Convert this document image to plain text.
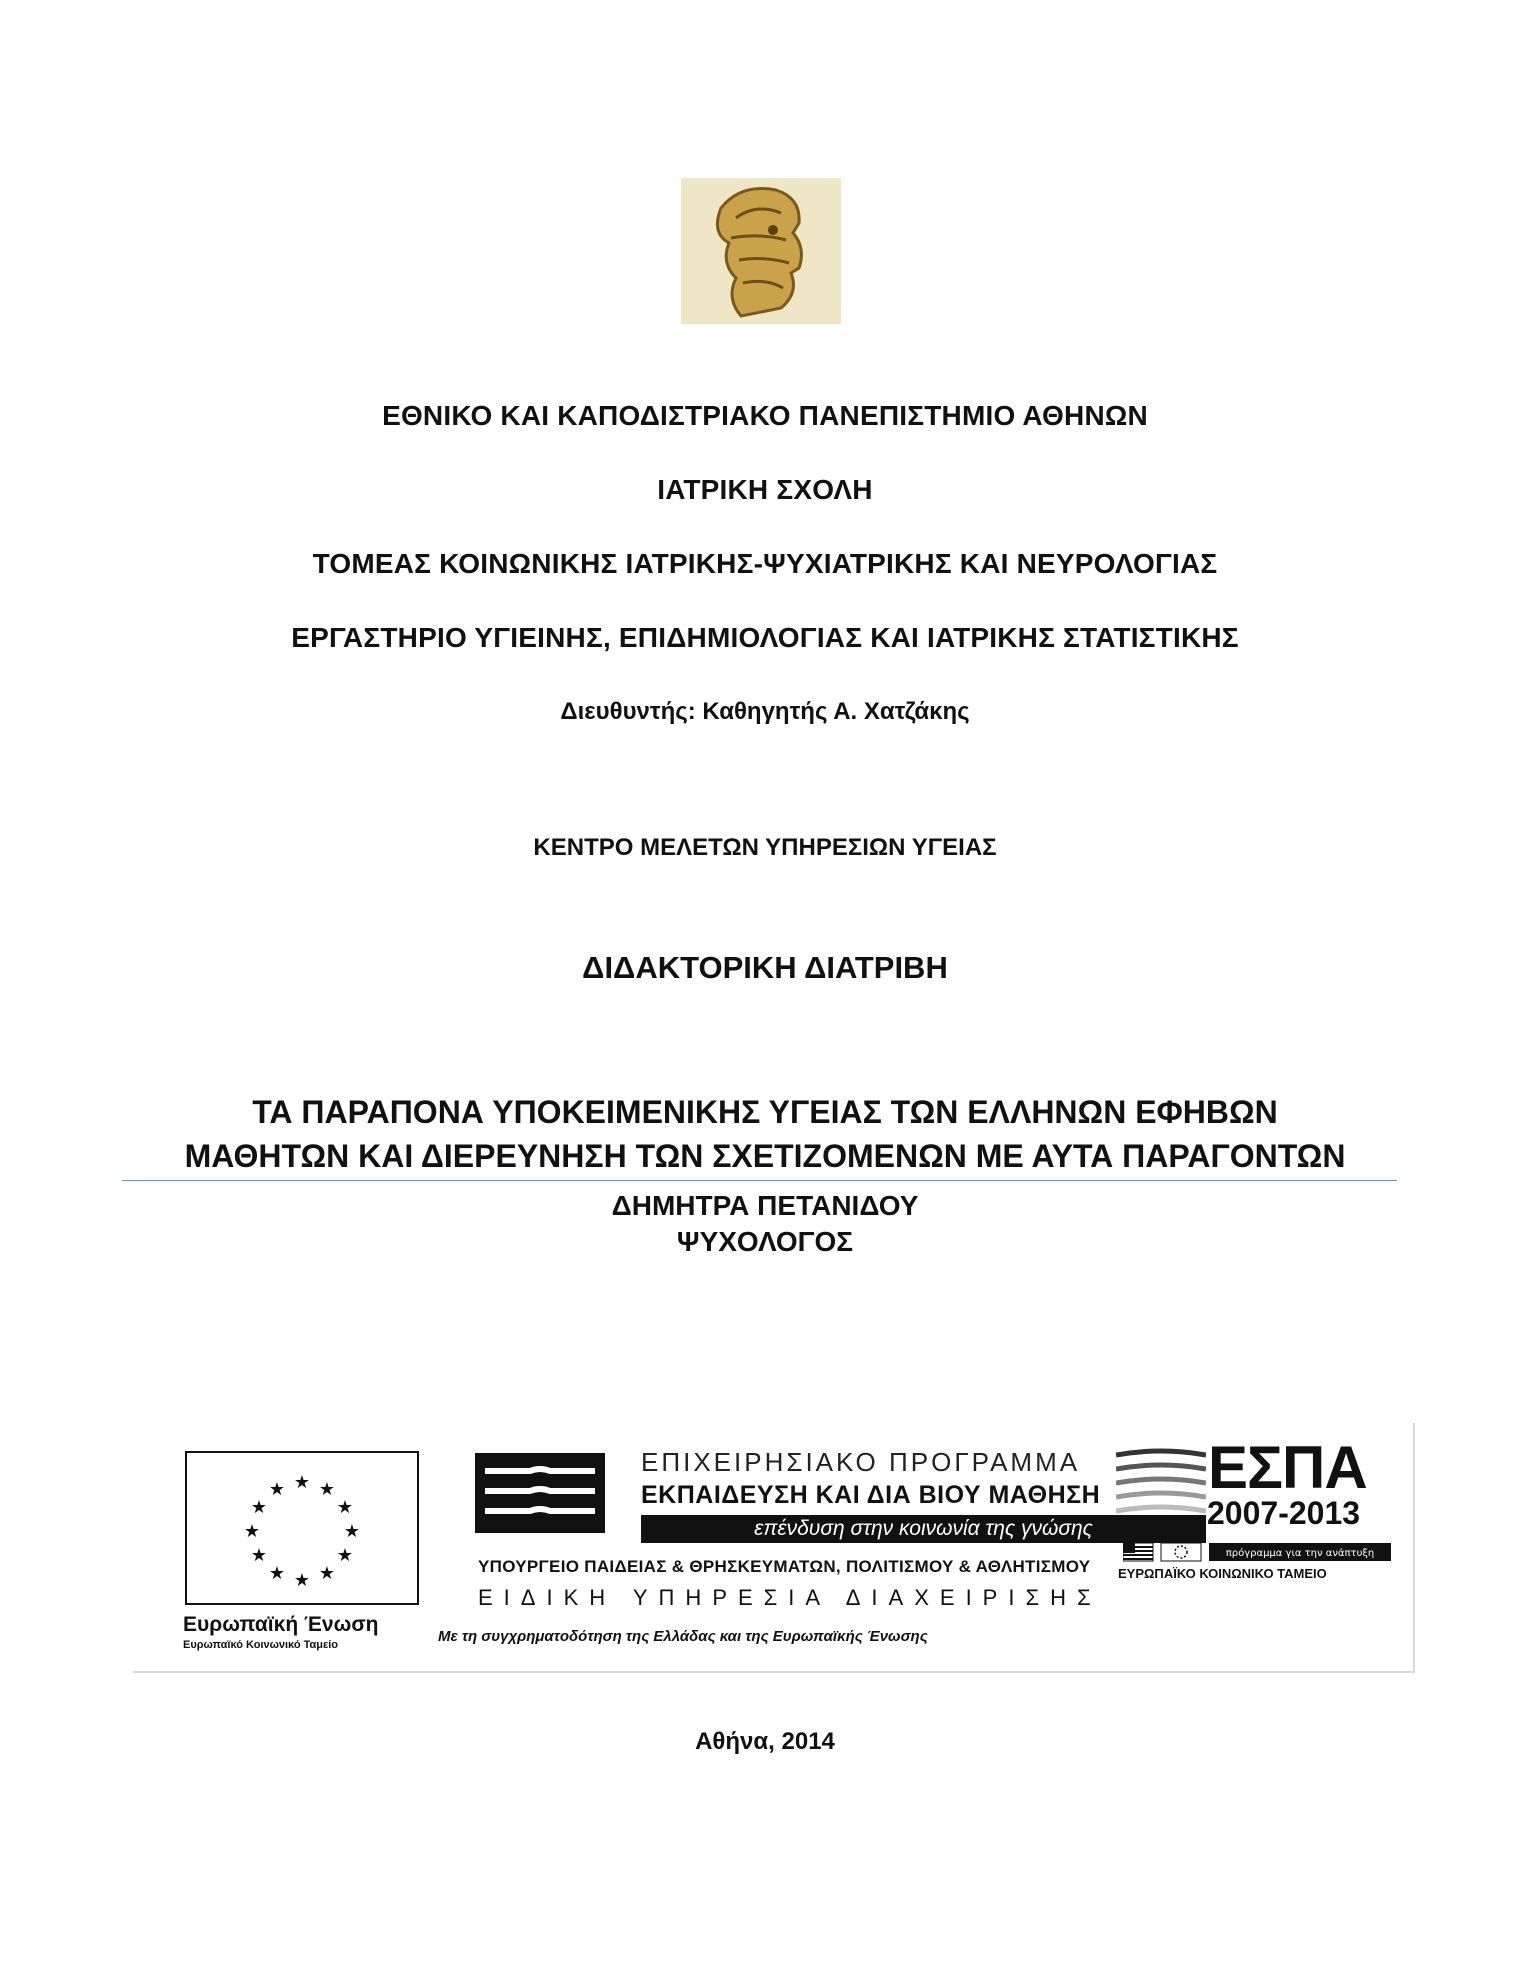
ΕΘΝΙΚΟ ΚΑΙ ΚΑΠΟΔΙΣΤΡΙΑΚΟ ΠΑΝΕΠΙΣΤΗΜΙΟ ΑΘΗΝΩΝ
ΙΑΤΡΙΚΗ ΣΧΟΛΗ
ΤΟΜΕΑΣ ΚΟΙΝΩΝΙΚΗΣ ΙΑΤΡΙΚΗΣ-ΨΥΧΙΑΤΡΙΚΗΣ ΚΑΙ ΝΕΥΡΟΛΟΓΙΑΣ
ΕΡΓΑΣΤΗΡΙΟ ΥΓΙΕΙΝΗΣ, ΕΠΙΔΗΜΙΟΛΟΓΙΑΣ ΚΑΙ ΙΑΤΡΙΚΗΣ ΣΤΑΤΙΣΤΙΚΗΣ
Διευθυντής: Καθηγητής Α. Χατζάκης
ΚΕΝΤΡΟ ΜΕΛΕΤΩΝ ΥΠΗΡΕΣΙΩΝ ΥΓΕΙΑΣ
ΔΙΔΑΚΤΟΡΙΚΗ ΔΙΑΤΡΙΒΗ
ΤΑ ΠΑΡΑΠΟΝΑ ΥΠΟΚΕΙΜΕΝΙΚΗΣ ΥΓΕΙΑΣ ΤΩΝ ΕΛΛΗΝΩΝ ΕΦΗΒΩΝ
ΜΑΘΗΤΩΝ ΚΑΙ ΔΙΕΡΕΥΝΗΣΗ ΤΩΝ ΣΧΕΤΙΖΟΜΕΝΩΝ ΜΕ ΑΥΤΑ ΠΑΡΑΓΟΝΤΩΝ
ΔΗΜΗΤΡΑ ΠΕΤΑΝΙΔΟΥ
ΨΥΧΟΛΟΓΟΣ
★ ★
★
★
★
★
★
★
★
★
★
★
Ευρωπαϊκή Ένωση
Ευρωπαϊκό Κοινωνικό Ταμείο
ΕΠΙΧΕΙΡΗΣΙΑΚΟ ΠΡΟΓΡΑΜΜΑ
ΕΚΠΑΙΔΕΥΣΗ ΚΑΙ ΔΙΑ ΒΙΟΥ ΜΑΘΗΣΗ
επένδυση στην κοινωνία της γνώσης
ΥΠΟΥΡΓΕΙΟ ΠΑΙΔΕΙΑΣ & ΘΡΗΣΚΕΥΜΑΤΩΝ, ΠΟΛΙΤΙΣΜΟΥ & ΑΘΛΗΤΙΣΜΟΥ
ΕΙΔΙΚΗ ΥΠΗΡΕΣΙΑ ΔΙΑΧΕΙΡΙΣΗΣ
Με τη συγχρηματοδότηση της Ελλάδας και της Ευρωπαϊκής Ένωσης
ΕΣΠΑ
2007-2013
πρόγραμμα για την ανάπτυξη
ΕΥΡΩΠΑΪΚΟ ΚΟΙΝΩΝΙΚΟ ΤΑΜΕΙΟ
Αθήνα, 2014
